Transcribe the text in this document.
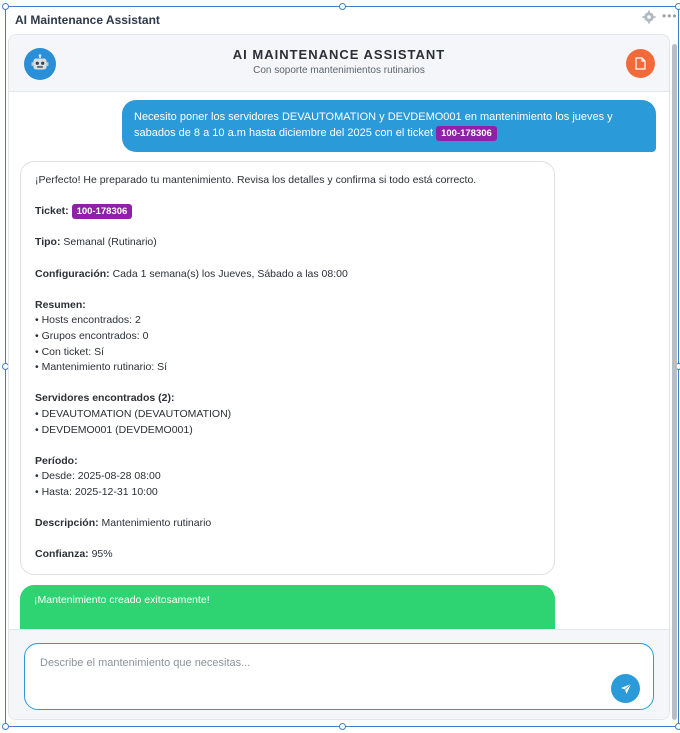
AI Maintenance Assistant	•••
AI MAINTENANCE ASSISTANT
Con soporte mantenimientos rutinarios
Necesito poner los servidores DEVAUTOMATION y DEVDEMO001 en mantenimiento los jueves y sabados de 8 a 10 a.m hasta diciembre del 2025 con el ticket 100-178306
¡Perfecto! He preparado tu mantenimiento. Revisa los detalles y confirma si todo está correcto.
Ticket: 100-178306
Tipo: Semanal (Rutinario)
Configuración: Cada 1 semana(s) los Jueves, Sábado a las 08:00
Resumen:
• Hosts encontrados: 2
• Grupos encontrados: 0
• Con ticket: Sí
• Mantenimiento rutinario: Sí
Servidores encontrados (2):
• DEVAUTOMATION (DEVAUTOMATION)
• DEVDEMO001 (DEVDEMO001)
Período:
• Desde: 2025-08-28 08:00
• Hasta: 2025-12-31 10:00
Descripción: Mantenimiento rutinario
Confianza: 95%
¡Mantenimiento creado exitosamente!
Describe el mantenimiento que necesitas...
